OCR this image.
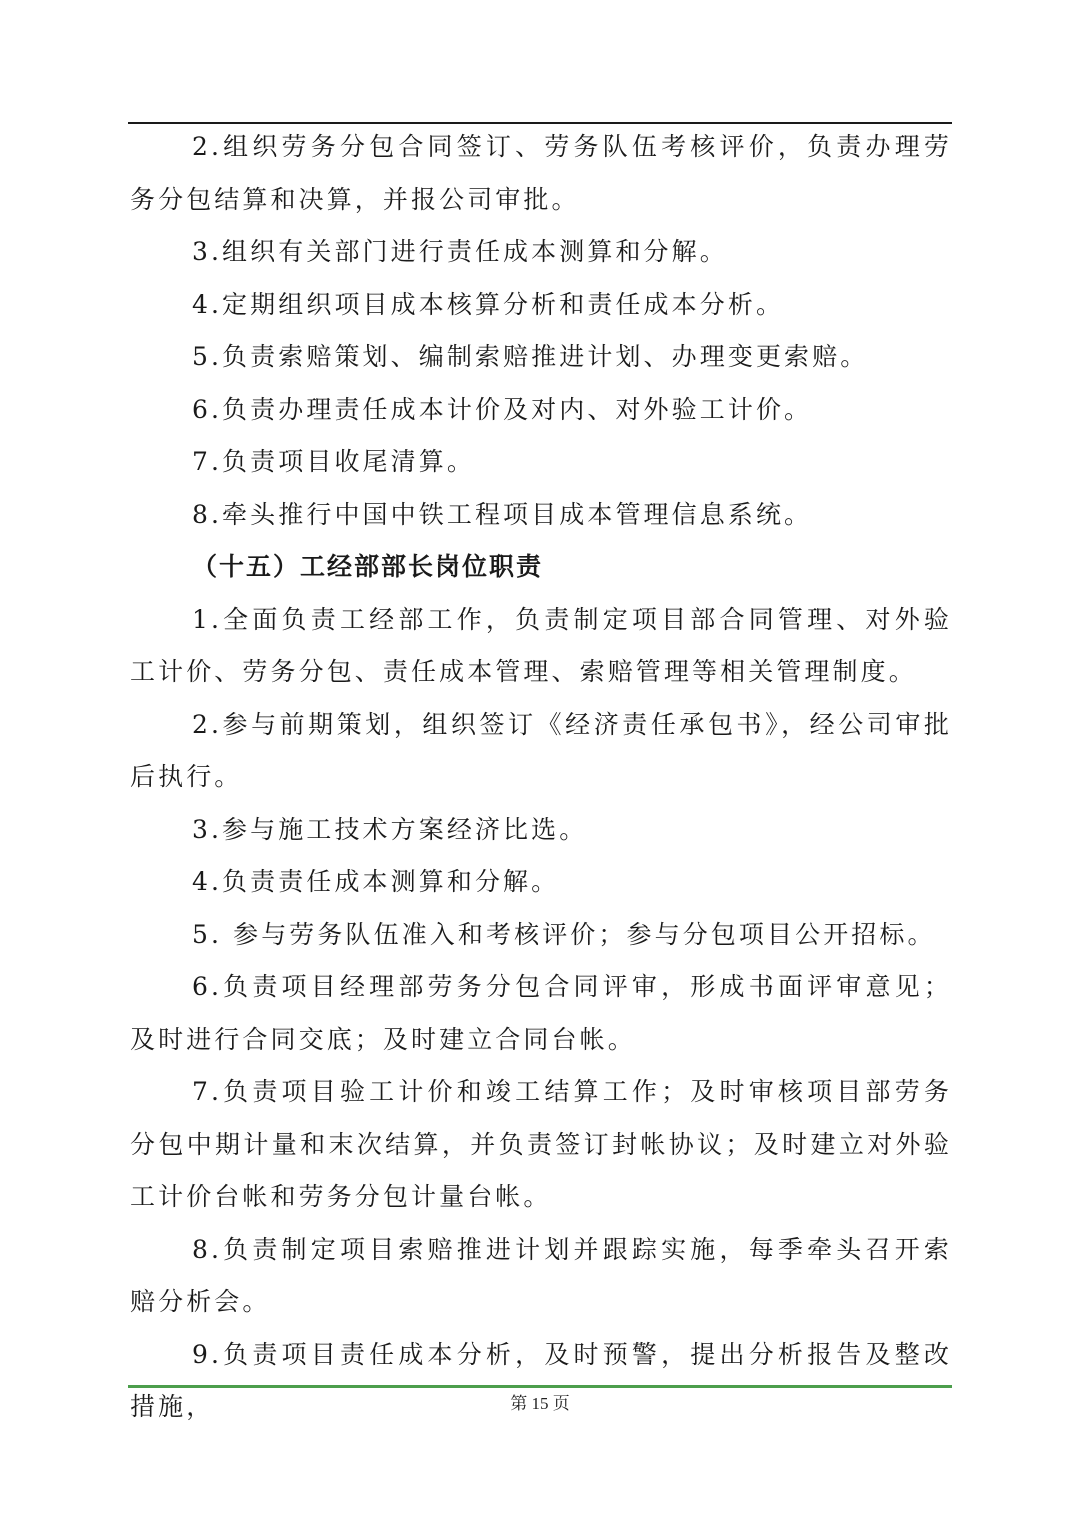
2.组织劳务分包合同签订、劳务队伍考核评价，负责办理劳务分包结算和决算，并报公司审批。

3.组织有关部门进行责任成本测算和分解。

4.定期组织项目成本核算分析和责任成本分析。

5.负责索赔策划、编制索赔推进计划、办理变更索赔。

6.负责办理责任成本计价及对内、对外验工计价。

7.负责项目收尾清算。

8.牵头推行中国中铁工程项目成本管理信息系统。

（十五）工经部部长岗位职责

1.全面负责工经部工作，负责制定项目部合同管理、对外验工计价、劳务分包、责任成本管理、索赔管理等相关管理制度。

2.参与前期策划，组织签订《经济责任承包书》，经公司审批后执行。

3.参与施工技术方案经济比选。

4.负责责任成本测算和分解。

5. 参与劳务队伍准入和考核评价；参与分包项目公开招标。

6.负责项目经理部劳务分包合同评审，形成书面评审意见；及时进行合同交底；及时建立合同台帐。

7.负责项目验工计价和竣工结算工作；及时审核项目部劳务分包中期计量和末次结算，并负责签订封帐协议；及时建立对外验工计价台帐和劳务分包计量台帐。

8.负责制定项目索赔推进计划并跟踪实施，每季牵头召开索赔分析会。

9.负责项目责任成本分析，及时预警，提出分析报告及整改措施，	第 15 页
